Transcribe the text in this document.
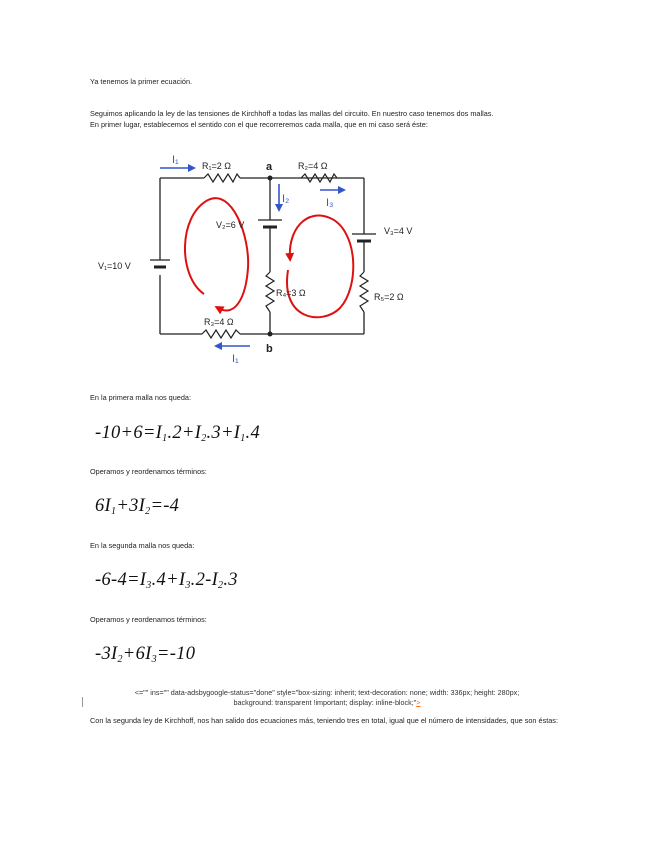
Ya tenemos la primer ecuación.

Seguimos aplicando la ley de las tensiones de Kirchhoff a todas las mallas del circuito. En nuestro caso tenemos dos mallas.

En primer lugar, establecemos el sentido con el que recorreremos cada malla, que en mi caso será éste:

R₁=2 Ω	R₂=4 Ω
R₃=4 Ω
R₄=3 Ω	R₅=2 Ω
V₁=10 V
V₂=6 V
V₃=4 V
a
b
I₁
I₂	I₃
I₁

En la primera malla nos queda:

$-10+6=I_1.2+I_2.3+I_1.4$

Operamos y reordenamos términos:

$6I_1+3I_2=-4$

En la segunda malla nos queda:

$-6-4=I_3.4+I_3.2-I_2.3$

Operamos y reordenamos términos:

$-3I_2+6I_3=-10$
<="" ins="" data-adsbygoogle-status="done" style="box-sizing: inherit; text-decoration: none; width: 336px; height: 280px;
background: transparent !important; display: inline-block;">

Con la segunda ley de Kirchhoff, nos han salido dos ecuaciones más, teniendo tres en total, igual que el número de intensidades, que son éstas:
